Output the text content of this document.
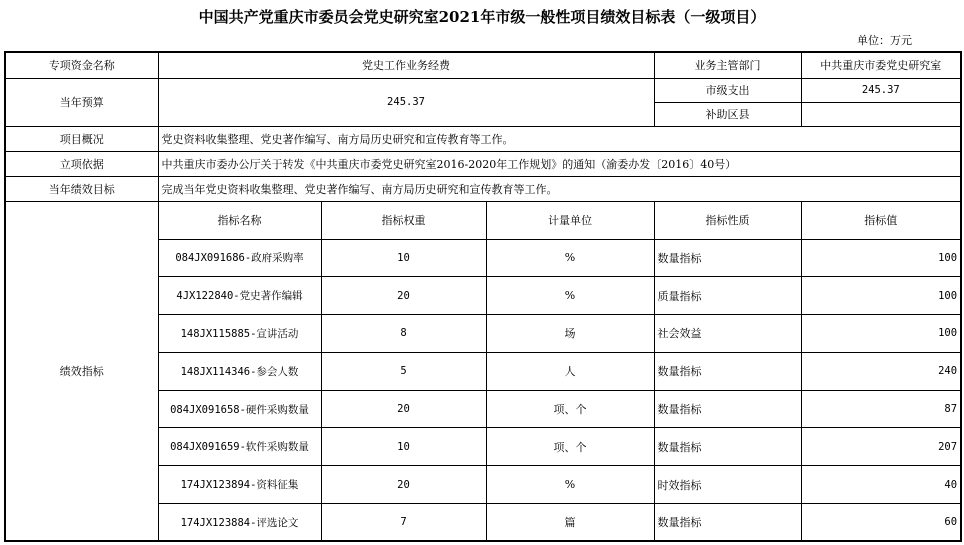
中国共产党重庆市委员会党史研究室2021年市级一般性项目绩效目标表（一级项目）
单位：万元
专项资金名称	党史工作业务经费			业务主管部门	中共重庆市委党史研究室
当年预算	245.37			市级支出	245.37
				补助区县	
项目概况	党史资料收集整理、党史著作编写、南方局历史研究和宣传教育等工作。				
立项依据	中共重庆市委办公厅关于转发《中共重庆市委党史研究室2016-2020年工作规划》的通知（渝委办发〔2016〕40号）				
当年绩效目标	完成当年党史资料收集整理、党史著作编写、南方局历史研究和宣传教育等工作。				
绩效指标	指标名称	指标权重	计量单位	指标性质	指标值
	084JX091686-政府采购率	10	%	数量指标	100
	4JX122840-党史著作编辑	20	%	质量指标	100
	148JX115885-宣讲活动	8	场	社会效益	100
	148JX114346-参会人数	5	人	数量指标	240
	084JX091658-硬件采购数量	20	项、个	数量指标	87
	084JX091659-软件采购数量	10	项、个	数量指标	207
	174JX123894-资料征集	20	%	时效指标	40
	174JX123884-评选论文	7	篇	数量指标	60
